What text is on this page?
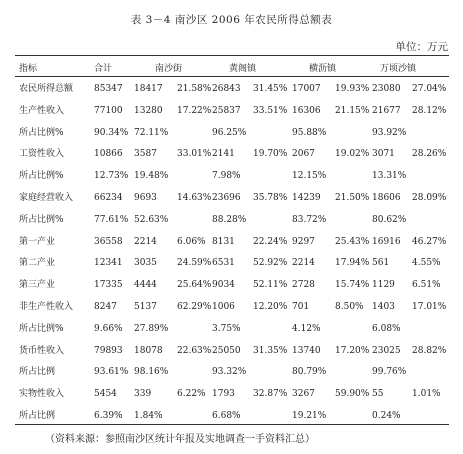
表 3－4 南沙区 2006 年农民所得总额表
单位：万元
指标	合计	南沙街	黄阁镇	横沥镇	万顷沙镇
农民所得总额 85347 18417 21.58% 26843 31.45% 17007 19.93% 23080 27.04%
生产性收入	77100 13280 17.22% 25837 33.51% 16306 21.15% 21677 28.12%
所占比例%	90.34% 72.11%	96.25%	95.88%	93.92%
工资性收入	10866 3587 33.01% 2141 19.70% 2067 19.02% 3071 28.26%
所占比例%	12.73% 19.48%	7.98%	12.15%	13.31%
家庭经营收入 66234 9693 14.63% 23696 35.78% 14239 21.50% 18606 28.09%
所占比例%	77.61% 52.63%	88.28%	83.72%	80.62%
第一产业	36558 2214 6.06% 8131 22.24% 9297 25.43% 16916 46.27%
第二产业	12341 3035 24.59% 6531 52.92% 2214 17.94% 561	4.55%
第三产业	17335 4444 25.64% 9034 52.11% 2728 15.74% 1129 6.51%
非生产性收入 8247 5137 62.29% 1006 12.20% 701	8.50% 1403 17.01%
所占比例%	9.66% 27.89%	3.75%	4.12%	6.08%
货币性收入	79893 18078 22.63% 25050 31.35% 13740 17.20% 23025 28.82%
所占比例	93.61% 98.16%	93.32%	80.79%	99.76%
实物性收入	5454 339	6.22% 1793 32.87% 3267 59.90% 55	1.01%
所占比例	6.39% 1.84%	6.68%	19.21%	0.24%
（资料来源：参照南沙区统计年报及实地调查一手资料汇总）
